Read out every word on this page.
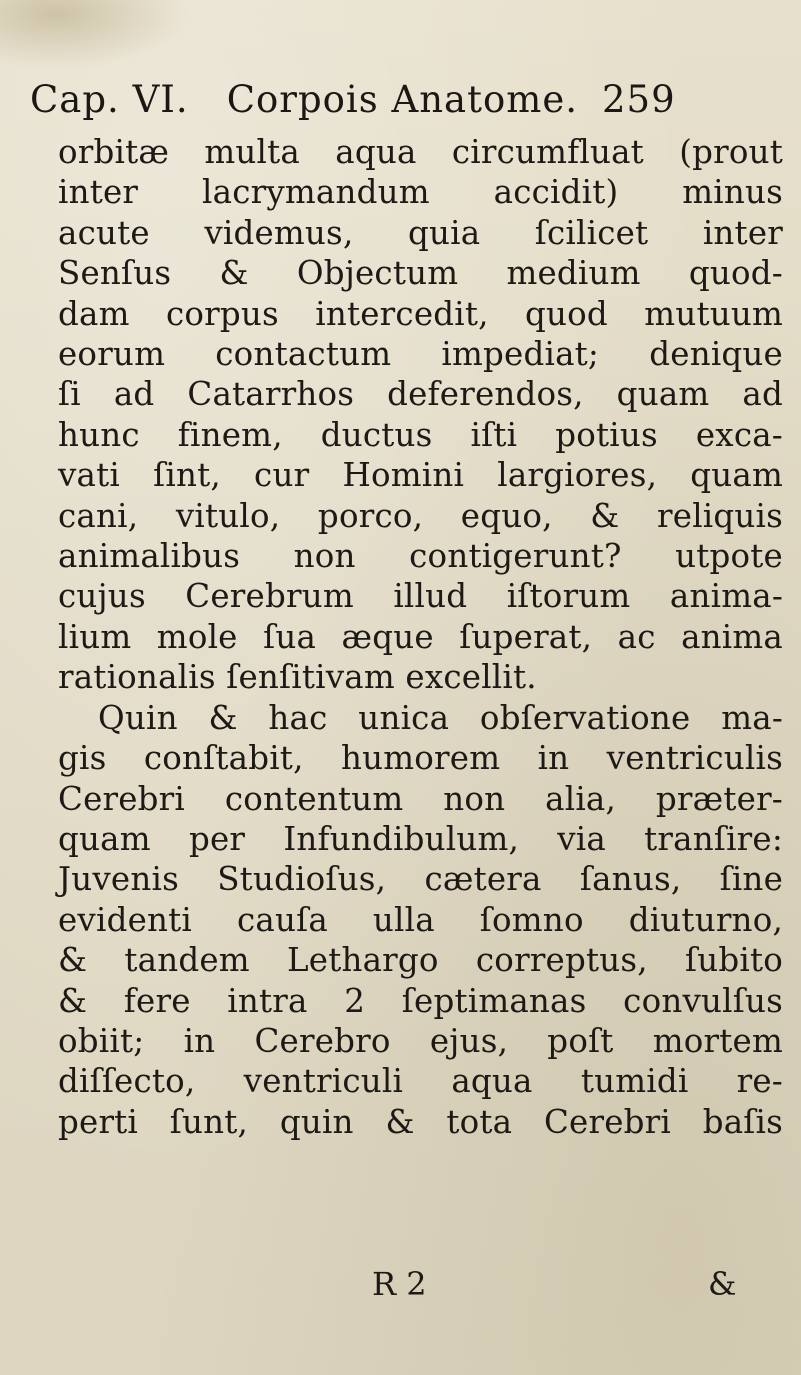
Cap. VI. Corpois Anatome. 259
orbitæ multa aqua circumfluat (prout
inter lacrymandum accidit) minus
acute videmus, quia ſcilicet inter
Senſus & Objectum medium quod-
dam corpus intercedit, quod mutuum
eorum contactum impediat; denique
ſi ad Catarrhos deferendos, quam ad
hunc finem, ductus iſti potius exca-
vati ſint, cur Homini largiores, quam
cani, vitulo, porco, equo, & reliquis
animalibus non contigerunt? utpote
cujus Cerebrum illud iſtorum anima-
lium mole ſua æque ſuperat, ac anima
rationalis ſenſitivam excellit.
Quin & hac unica obſervatione ma-
gis conſtabit, humorem in ventriculis
Cerebri contentum non alia, præter-
quam per Infundibulum, via tranſire:
Juvenis Studioſus, cætera ſanus, ſine
evidenti cauſa ulla ſomno diuturno,
& tandem Lethargo correptus, ſubito
& fere intra 2 ſeptimanas convulſus
obiit; in Cerebro ejus, poſt mortem
diſſecto, ventriculi aqua tumidi re-
perti ſunt, quin & tota Cerebri baſis
R 2	&
